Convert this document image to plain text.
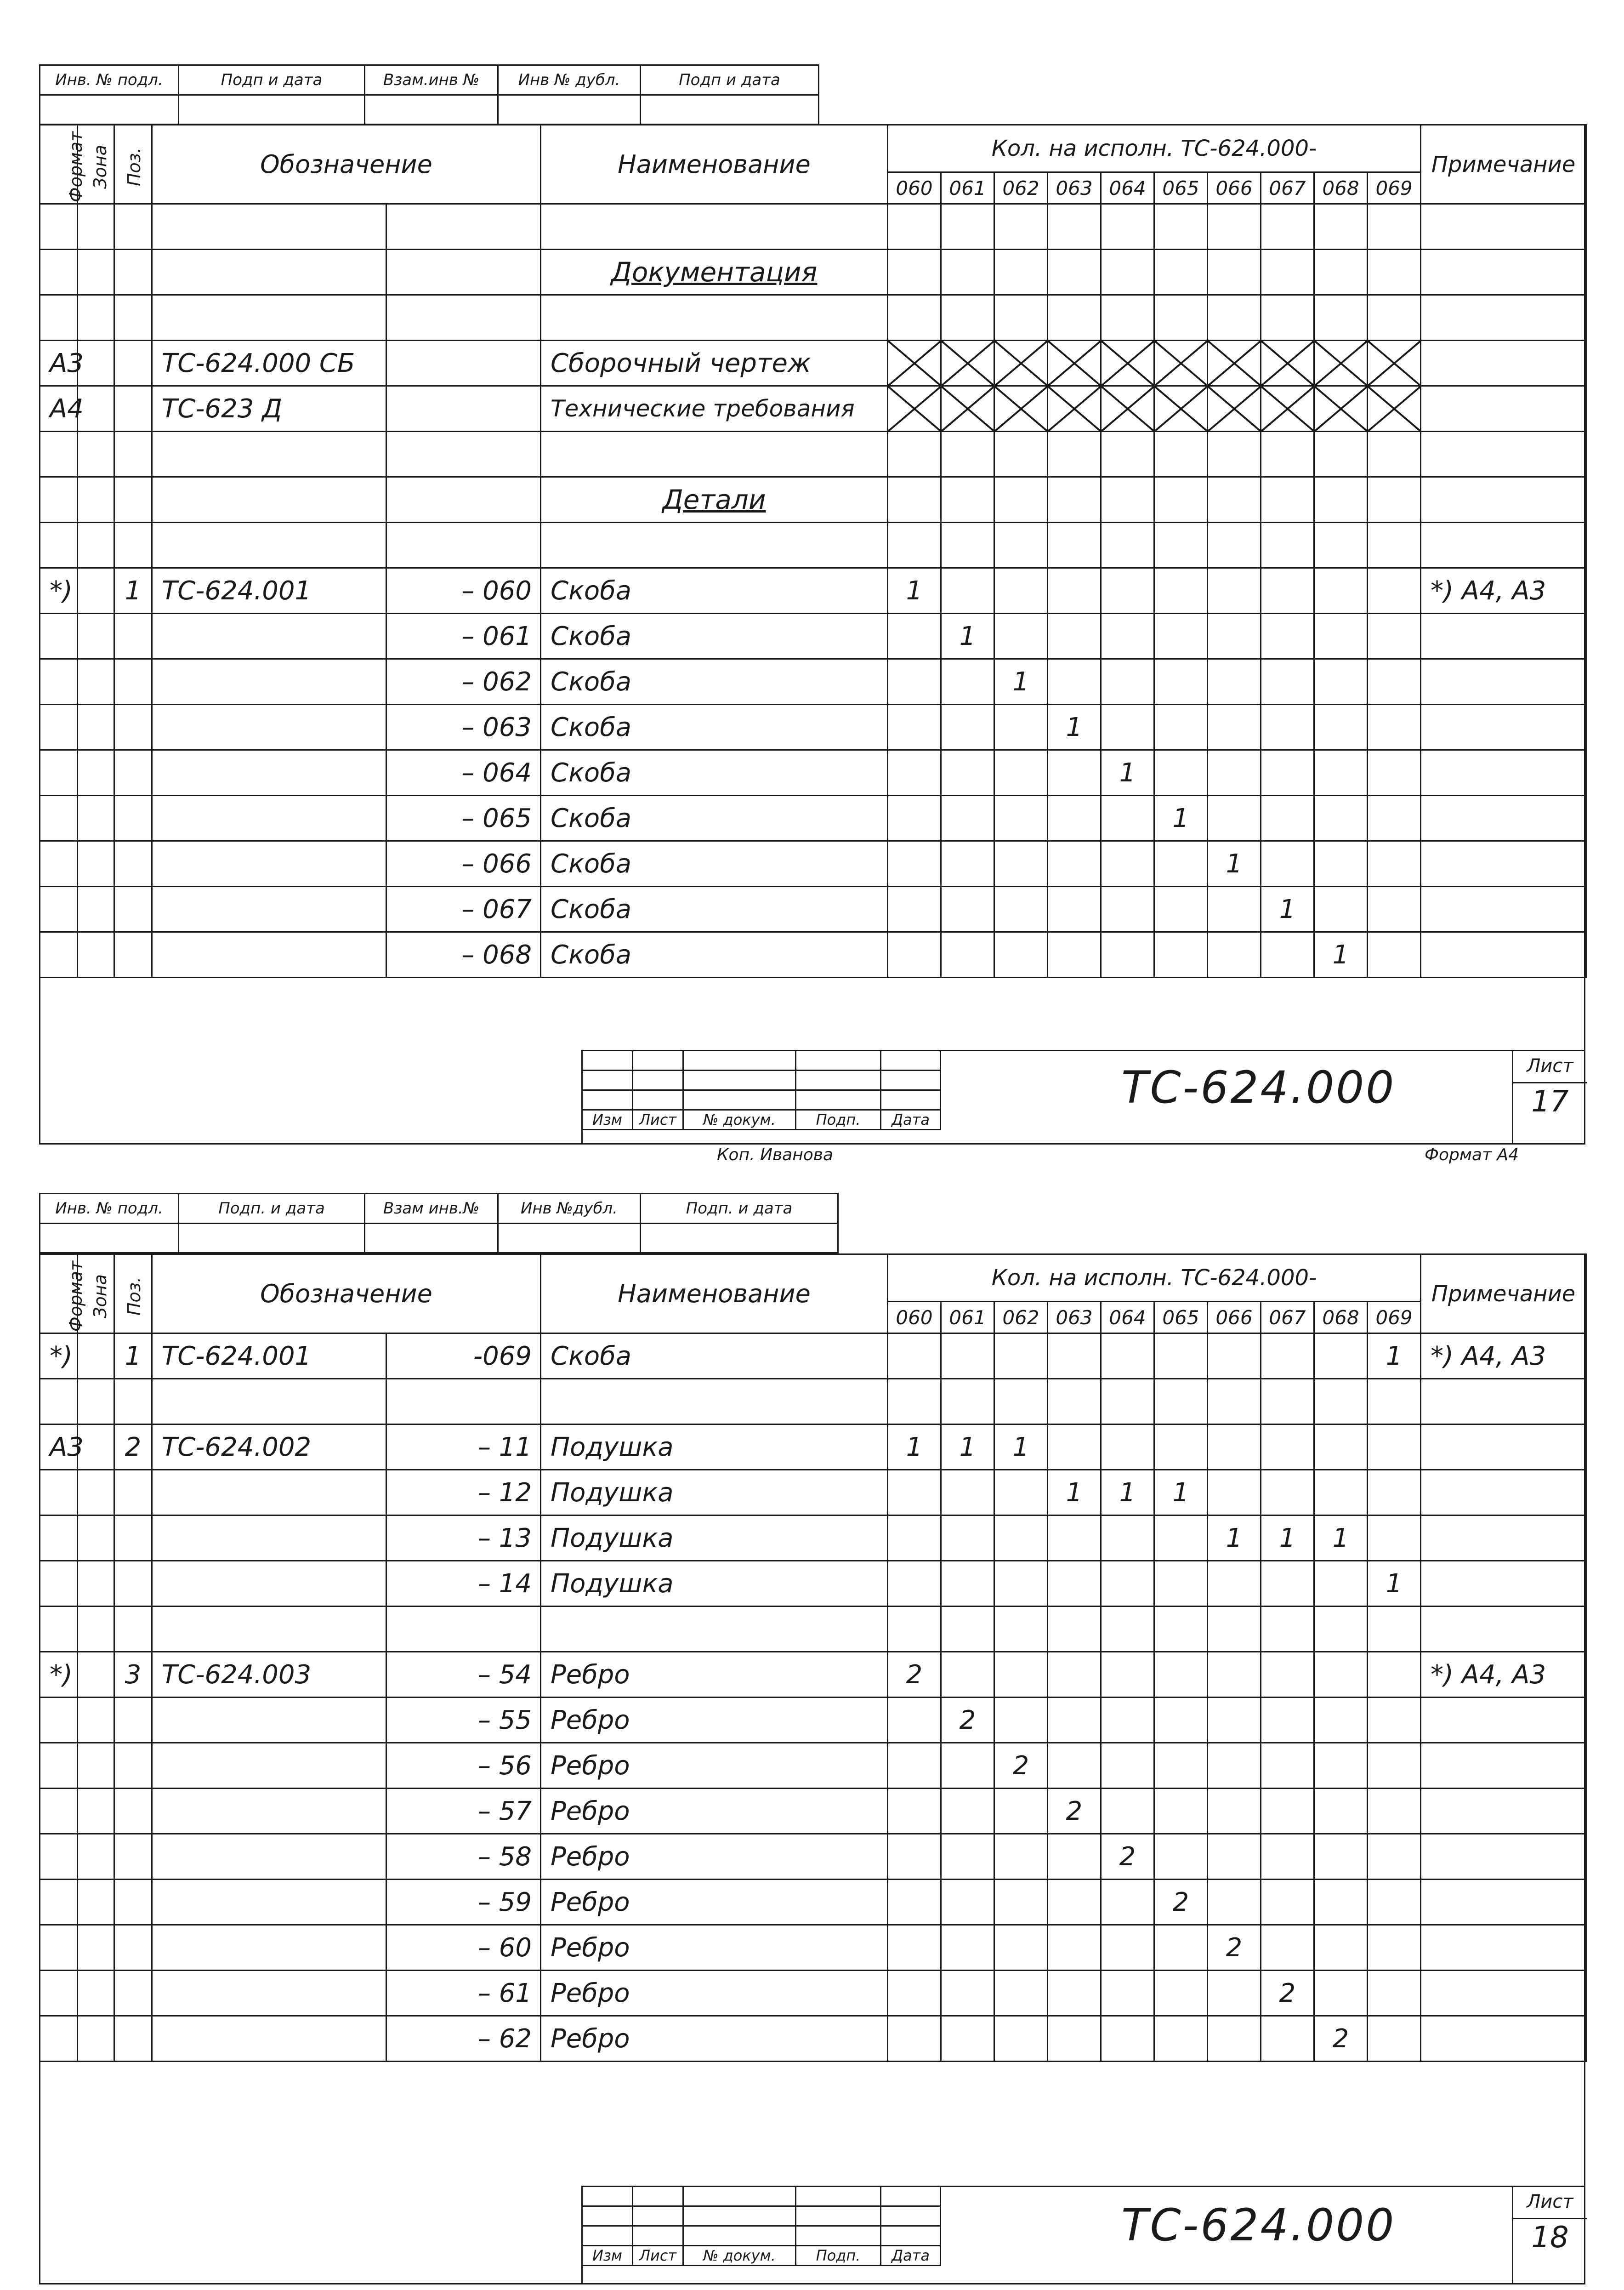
Инв. № подл.	Подп и дата	Взам.инв №	Инв № дубл.	Подп и дата
Формат	Зона	Поз.	Обозначение		Наименование	Кол. на исполн. ТС-624.000-										Примечание
						060	061	062	063	064	065	066	067	068	069	

					Документация											

А3			ТС-624.000 СБ		Сборочный чертеж											
А4			ТС-623 Д		Технические требования											

					Детали											

*)		1	ТС-624.001	– 060	Скоба	1										*) А4, А3
				– 061	Скоба		1									
				– 062	Скоба			1								
				– 063	Скоба				1							
				– 064	Скоба					1						
				– 065	Скоба						1					
				– 066	Скоба							1				
				– 067	Скоба								1			
				– 068	Скоба									1		

Изм	Лист	№ докум.	Подп.	Дата
ТС-624.000	Лист
17
Коп. Иванова	Формат А4
Инв. № подл.	Подп. и дата	Взам инв.№	Инв №дубл.	Подп. и дата
Формат	Зона	Поз.	Обозначение		Наименование	Кол. на исполн. ТС-624.000-										Примечание
						060	061	062	063	064	065	066	067	068	069	
*)		1	ТС-624.001	-069	Скоба										1	*) А4, А3

А3		2	ТС-624.002	– 11	Подушка	1	1	1								
				– 12	Подушка				1	1	1					
				– 13	Подушка							1	1	1		
				– 14	Подушка										1	

*)		3	ТС-624.003	– 54	Ребро	2										*) А4, А3
				– 55	Ребро		2									
				– 56	Ребро			2								
				– 57	Ребро				2							
				– 58	Ребро					2						
				– 59	Ребро						2					
				– 60	Ребро							2				
				– 61	Ребро								2			
				– 62	Ребро									2		

Изм	Лист	№ докум.	Подп.	Дата
ТС-624.000	Лист
18
